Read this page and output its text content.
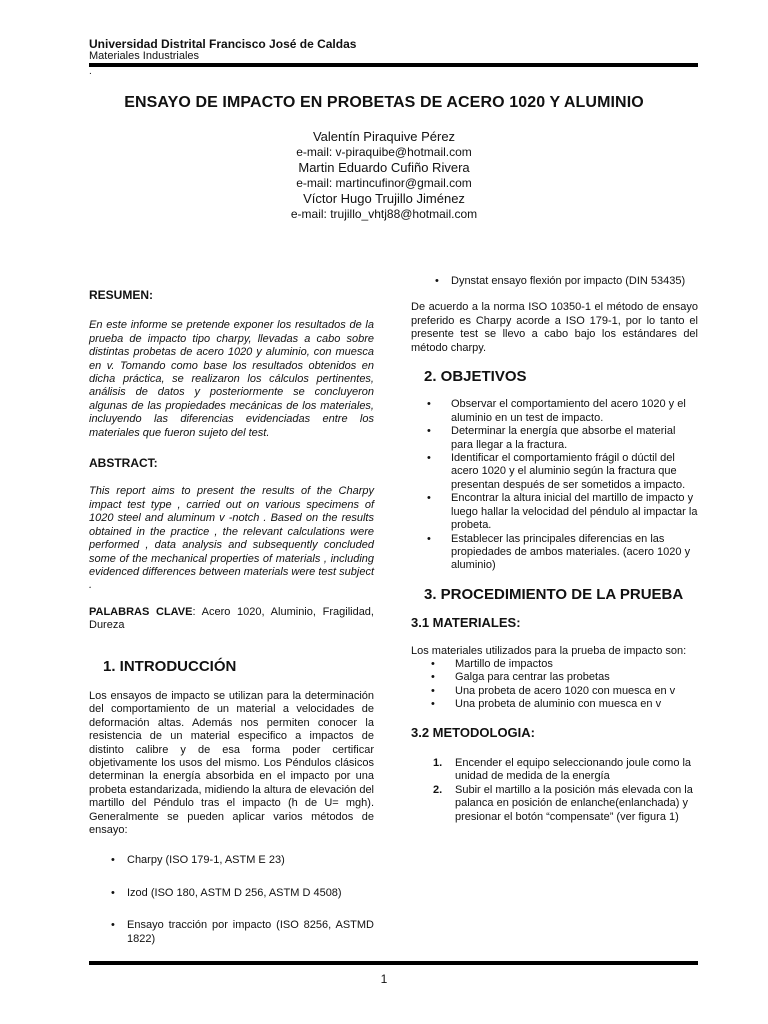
Universidad Distrital Francisco José de Caldas
Materiales Industriales
.
ENSAYO DE IMPACTO EN PROBETAS DE ACERO 1020 Y ALUMINIO
Valentín Piraquive Pérez
e-mail: v-piraquibe@hotmail.com
Martin Eduardo Cufiño Rivera
e-mail: martincufinor@gmail.com
Víctor Hugo Trujillo Jiménez
e-mail: trujillo_vhtj88@hotmail.com
RESUMEN:
En este informe se pretende exponer los resultados de la prueba de impacto tipo charpy, llevadas a cabo sobre distintas probetas de acero 1020 y aluminio, con muesca en v. Tomando como base los resultados obtenidos en dicha práctica, se realizaron los cálculos pertinentes, análisis de datos y posteriormente se concluyeron algunas de las propiedades mecánicas de los materiales, incluyendo las diferencias evidenciadas entre los materiales que fueron sujeto del test.
ABSTRACT:
This report aims to present the results of the Charpy impact test type , carried out on various specimens of 1020 steel and aluminum v -notch . Based on the results obtained in the practice , the relevant calculations were performed , data analysis and subsequently concluded some of the mechanical properties of materials , including evidenced differences between materials were test subject .
PALABRAS CLAVE: Acero 1020, Aluminio, Fragilidad, Dureza
1. INTRODUCCIÓN
Los ensayos de impacto se utilizan para la determinación del comportamiento de un material a velocidades de deformación altas. Además nos permiten conocer la resistencia de un material especifico a impactos de distinto calibre y de esa forma poder certificar objetivamente los usos del mismo. Los Péndulos clásicos determinan la energía absorbida en el impacto por una probeta estandarizada, midiendo la altura de elevación del martillo del Péndulo tras el impacto (h de U= mgh). Generalmente se pueden aplicar varios métodos de ensayo:
• Charpy (ISO 179-1, ASTM E 23)
• Izod (ISO 180, ASTM D 256, ASTM D 4508)
• Ensayo tracción por impacto (ISO 8256, ASTMD 1822)
• Dynstat ensayo flexión por impacto (DIN 53435)
De acuerdo a la norma ISO 10350-1 el método de ensayo preferido es Charpy acorde a ISO 179-1, por lo tanto el presente test se llevo a cabo bajo los estándares del método charpy.
2. OBJETIVOS
• Observar el comportamiento del acero 1020 y el aluminio en un test de impacto.
• Determinar la energía que absorbe el material para llegar a la fractura.
• Identificar el comportamiento frágil o dúctil del acero 1020 y el aluminio según la fractura que presentan después de ser sometidos a impacto.
• Encontrar la altura inicial del martillo de impacto y luego hallar la velocidad del péndulo al impactar la probeta.
• Establecer las principales diferencias en las propiedades de ambos materiales. (acero 1020 y aluminio)
3. PROCEDIMIENTO DE LA PRUEBA
3.1 MATERIALES:
Los materiales utilizados para la prueba de impacto son:
• Martillo de impactos
• Galga para centrar las probetas
• Una probeta de acero 1020 con muesca en v
• Una probeta de aluminio con muesca en v
3.2 METODOLOGIA:
1. Encender el equipo seleccionando joule como la unidad de medida de la energía
2. Subir el martillo a la posición más elevada con la palanca en posición de enlanche(enlanchada) y presionar el botón “compensate” (ver figura 1)
1
